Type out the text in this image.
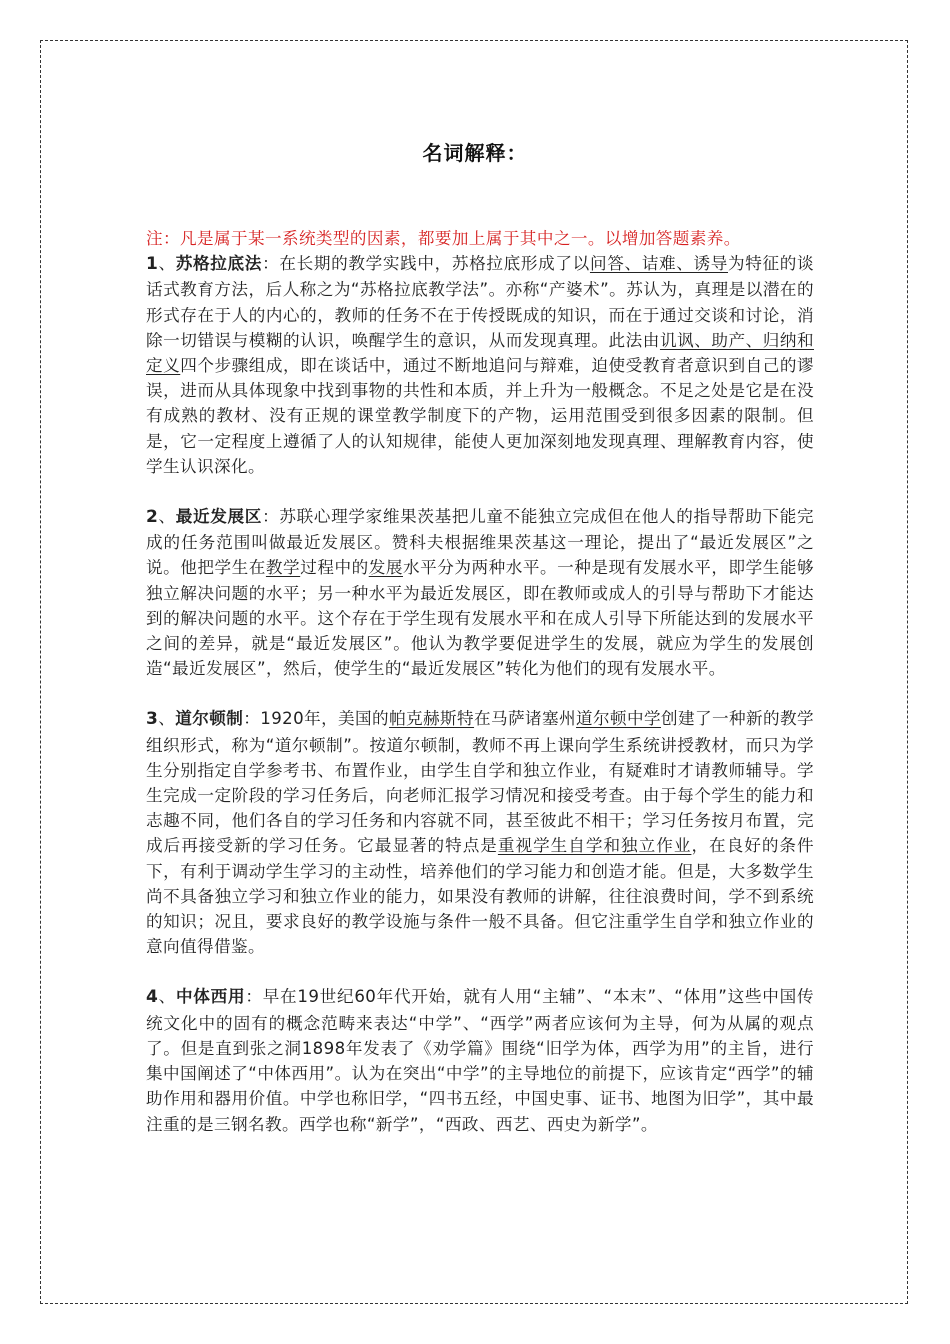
名词解释：
注：凡是属于某一系统类型的因素，都要加上属于其中之一。以增加答题素养。

1、苏格拉底法：在长期的教学实践中，苏格拉底形成了以问答、诘难、诱导为特征的谈话式教育方法，后人称之为“苏格拉底教学法”。亦称“产婆术”。苏认为，真理是以潜在的形式存在于人的内心的，教师的任务不在于传授既成的知识，而在于通过交谈和讨论，消除一切错误与模糊的认识，唤醒学生的意识，从而发现真理。此法由讥讽、助产、归纳和定义四个步骤组成，即在谈话中，通过不断地追问与辩难，迫使受教育者意识到自己的谬误，进而从具体现象中找到事物的共性和本质，并上升为一般概念。不足之处是它是在没有成熟的教材、没有正规的课堂教学制度下的产物，运用范围受到很多因素的限制。但是，它一定程度上遵循了人的认知规律，能使人更加深刻地发现真理、理解教育内容，使学生认识深化。

2、最近发展区：苏联心理学家维果茨基把儿童不能独立完成但在他人的指导帮助下能完成的任务范围叫做最近发展区。赞科夫根据维果茨基这一理论，提出了“最近发展区”之说。他把学生在教学过程中的发展水平分为两种水平。一种是现有发展水平，即学生能够独立解决问题的水平；另一种水平为最近发展区，即在教师或成人的引导与帮助下才能达到的解决问题的水平。这个存在于学生现有发展水平和在成人引导下所能达到的发展水平之间的差异，就是“最近发展区”。他认为教学要促进学生的发展，就应为学生的发展创造“最近发展区”，然后，使学生的“最近发展区”转化为他们的现有发展水平。

3、道尔顿制：1920年，美国的帕克赫斯特在马萨诸塞州道尔顿中学创建了一种新的教学组织形式，称为“道尔顿制”。按道尔顿制，教师不再上课向学生系统讲授教材，而只为学生分别指定自学参考书、布置作业，由学生自学和独立作业，有疑难时才请教师辅导。学生完成一定阶段的学习任务后，向老师汇报学习情况和接受考查。由于每个学生的能力和志趣不同，他们各自的学习任务和内容就不同，甚至彼此不相干；学习任务按月布置，完成后再接受新的学习任务。它最显著的特点是重视学生自学和独立作业，在良好的条件下，有利于调动学生学习的主动性，培养他们的学习能力和创造才能。但是，大多数学生尚不具备独立学习和独立作业的能力，如果没有教师的讲解，往往浪费时间，学不到系统的知识；况且，要求良好的教学设施与条件一般不具备。但它注重学生自学和独立作业的意向值得借鉴。

4、中体西用：早在19世纪60年代开始，就有人用“主辅”、“本末”、“体用”这些中国传统文化中的固有的概念范畴来表达“中学”、“西学”两者应该何为主导，何为从属的观点了。但是直到张之洞1898年发表了《劝学篇》围绕“旧学为体，西学为用”的主旨，进行集中国阐述了“中体西用”。认为在突出“中学”的主导地位的前提下，应该肯定“西学”的辅助作用和器用价值。中学也称旧学，“四书五经，中国史事、证书、地图为旧学”，其中最注重的是三钢名教。西学也称“新学”，“西政、西艺、西史为新学”。
